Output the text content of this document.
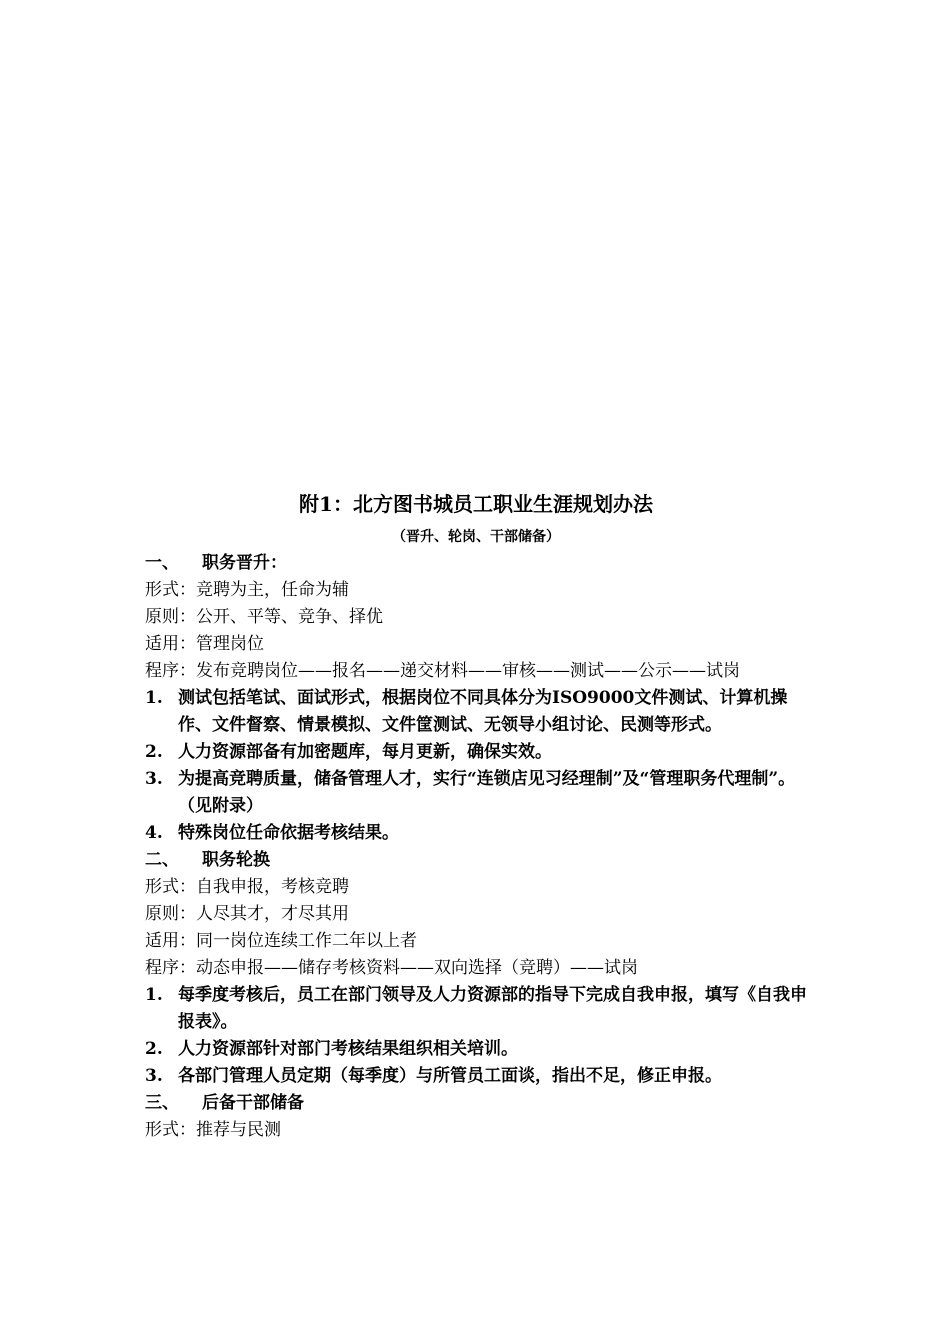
附1：北方图书城员工职业生涯规划办法
（晋升、轮岗、干部储备）
一、	职务晋升：
形式：竞聘为主，任命为辅
原则：公开、平等、竞争、择优
适用：管理岗位
程序：发布竞聘岗位——报名——递交材料——审核——测试——公示——试岗
1. 测试包括笔试、面试形式，根据岗位不同具体分为ISO9000文件测试、计算机操作、文件督察、情景模拟、文件筐测试、无领导小组讨论、民测等形式。
2. 人力资源部备有加密题库，每月更新，确保实效。
3. 为提高竞聘质量，储备管理人才，实行“连锁店见习经理制”及“管理职务代理制”。（见附录）
4. 特殊岗位任命依据考核结果。
二、	职务轮换
形式：自我申报，考核竞聘
原则：人尽其才，才尽其用
适用：同一岗位连续工作二年以上者
程序：动态申报——储存考核资料——双向选择（竞聘）——试岗
1. 每季度考核后，员工在部门领导及人力资源部的指导下完成自我申报，填写《自我申报表》。
2. 人力资源部针对部门考核结果组织相关培训。
3. 各部门管理人员定期（每季度）与所管员工面谈，指出不足，修正申报。
三、	后备干部储备
形式：推荐与民测
